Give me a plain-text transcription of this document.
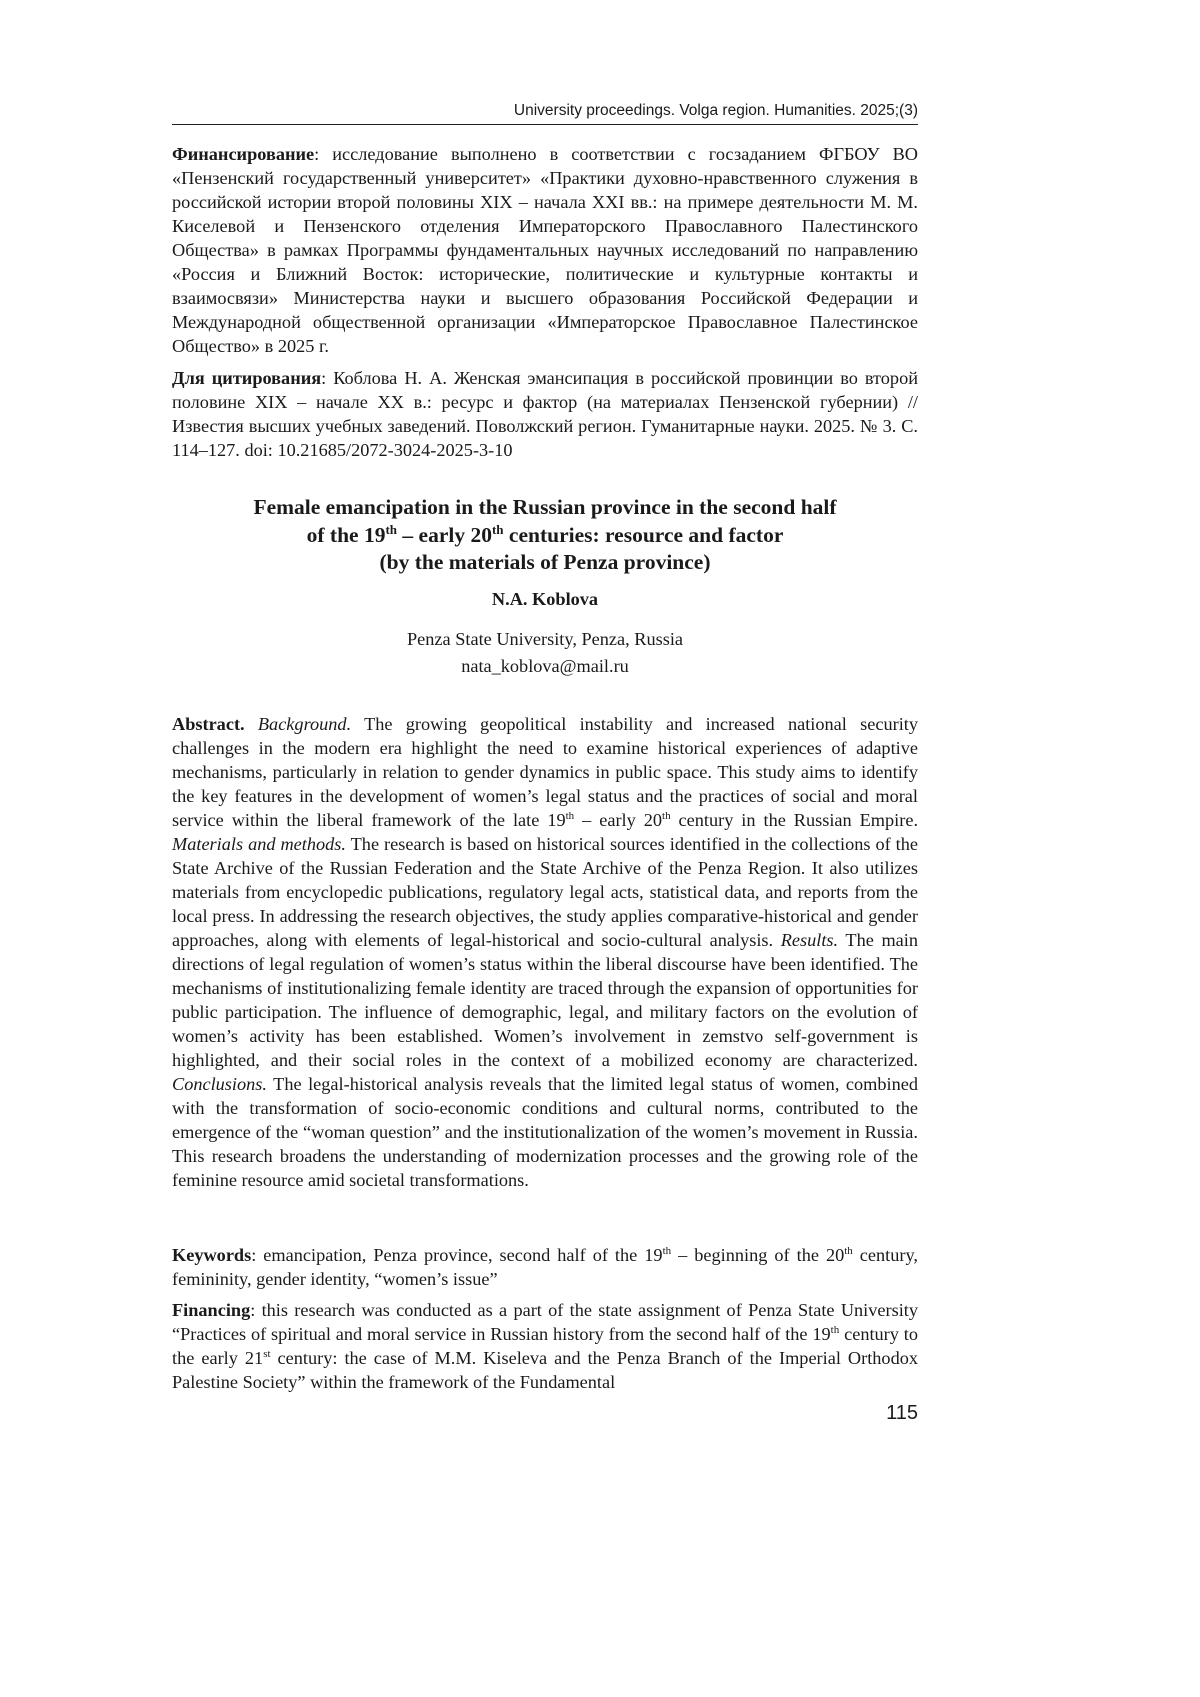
University proceedings. Volga region. Humanities. 2025;(3)

Финансирование: исследование выполнено в соответствии с госзаданием ФГБОУ ВО «Пензенский государственный университет» «Практики духовно-нравственного служения в российской истории второй половины XIX – начала XXI вв.: на примере деятельности М. М. Киселевой и Пензенского отделения Императорского Православного Палестинского Общества» в рамках Программы фундаментальных научных исследований по направлению «Россия и Ближний Восток: исторические, политические и культурные контакты и взаимосвязи» Министерства науки и высшего образования Российской Федерации и Международной общественной организации «Императорское Православное Палестинское Общество» в 2025 г.

Для цитирования: Коблова Н. А. Женская эмансипация в российской провинции во второй половине XIX – начале XX в.: ресурс и фактор (на материалах Пензенской губернии) // Известия высших учебных заведений. Поволжский регион. Гуманитарные науки. 2025. № 3. С. 114–127. doi: 10.21685/2072-3024-2025-3-10

Female emancipation in the Russian province in the second half
of the 19th – early 20th centuries: resource and factor
(by the materials of Penza province)
N.A. Koblova
Penza State University, Penza, Russia
nata_koblova@mail.ru

Abstract. Background. The growing geopolitical instability and increased national security challenges in the modern era highlight the need to examine historical experiences of adaptive mechanisms, particularly in relation to gender dynamics in public space. This study aims to identify the key features in the development of women’s legal status and the practices of social and moral service within the liberal framework of the late 19th – early 20th century in the Russian Empire. Materials and methods. The research is based on historical sources identified in the collections of the State Archive of the Russian Federation and the State Archive of the Penza Region. It also utilizes materials from encyclopedic publications, regulatory legal acts, statistical data, and reports from the local press. In addressing the research objectives, the study applies comparative-historical and gender approaches, along with elements of legal-historical and socio-cultural analysis. Results. The main directions of legal regulation of women’s status within the liberal discourse have been identified. The mechanisms of institutionalizing female identity are traced through the expansion of opportunities for public participation. The influence of demographic, legal, and military factors on the evolution of women’s activity has been established. Women’s involvement in zemstvo self-government is highlighted, and their social roles in the context of a mobilized economy are characterized. Conclusions. The legal-historical analysis reveals that the limited legal status of women, combined with the transformation of socio-economic conditions and cultural norms, contributed to the emergence of the “woman question” and the institutionalization of the women’s movement in Russia. This research broadens the understanding of modernization processes and the growing role of the feminine resource amid societal transformations.

Keywords: emancipation, Penza province, second half of the 19th – beginning of the 20th century, femininity, gender identity, “women’s issue”

Financing: this research was conducted as a part of the state assignment of Penza State University “Practices of spiritual and moral service in Russian history from the second half of the 19th century to the early 21st century: the case of M.M. Kiseleva and the Penza Branch of the Imperial Orthodox Palestine Society” within the framework of the Fundamental

115
